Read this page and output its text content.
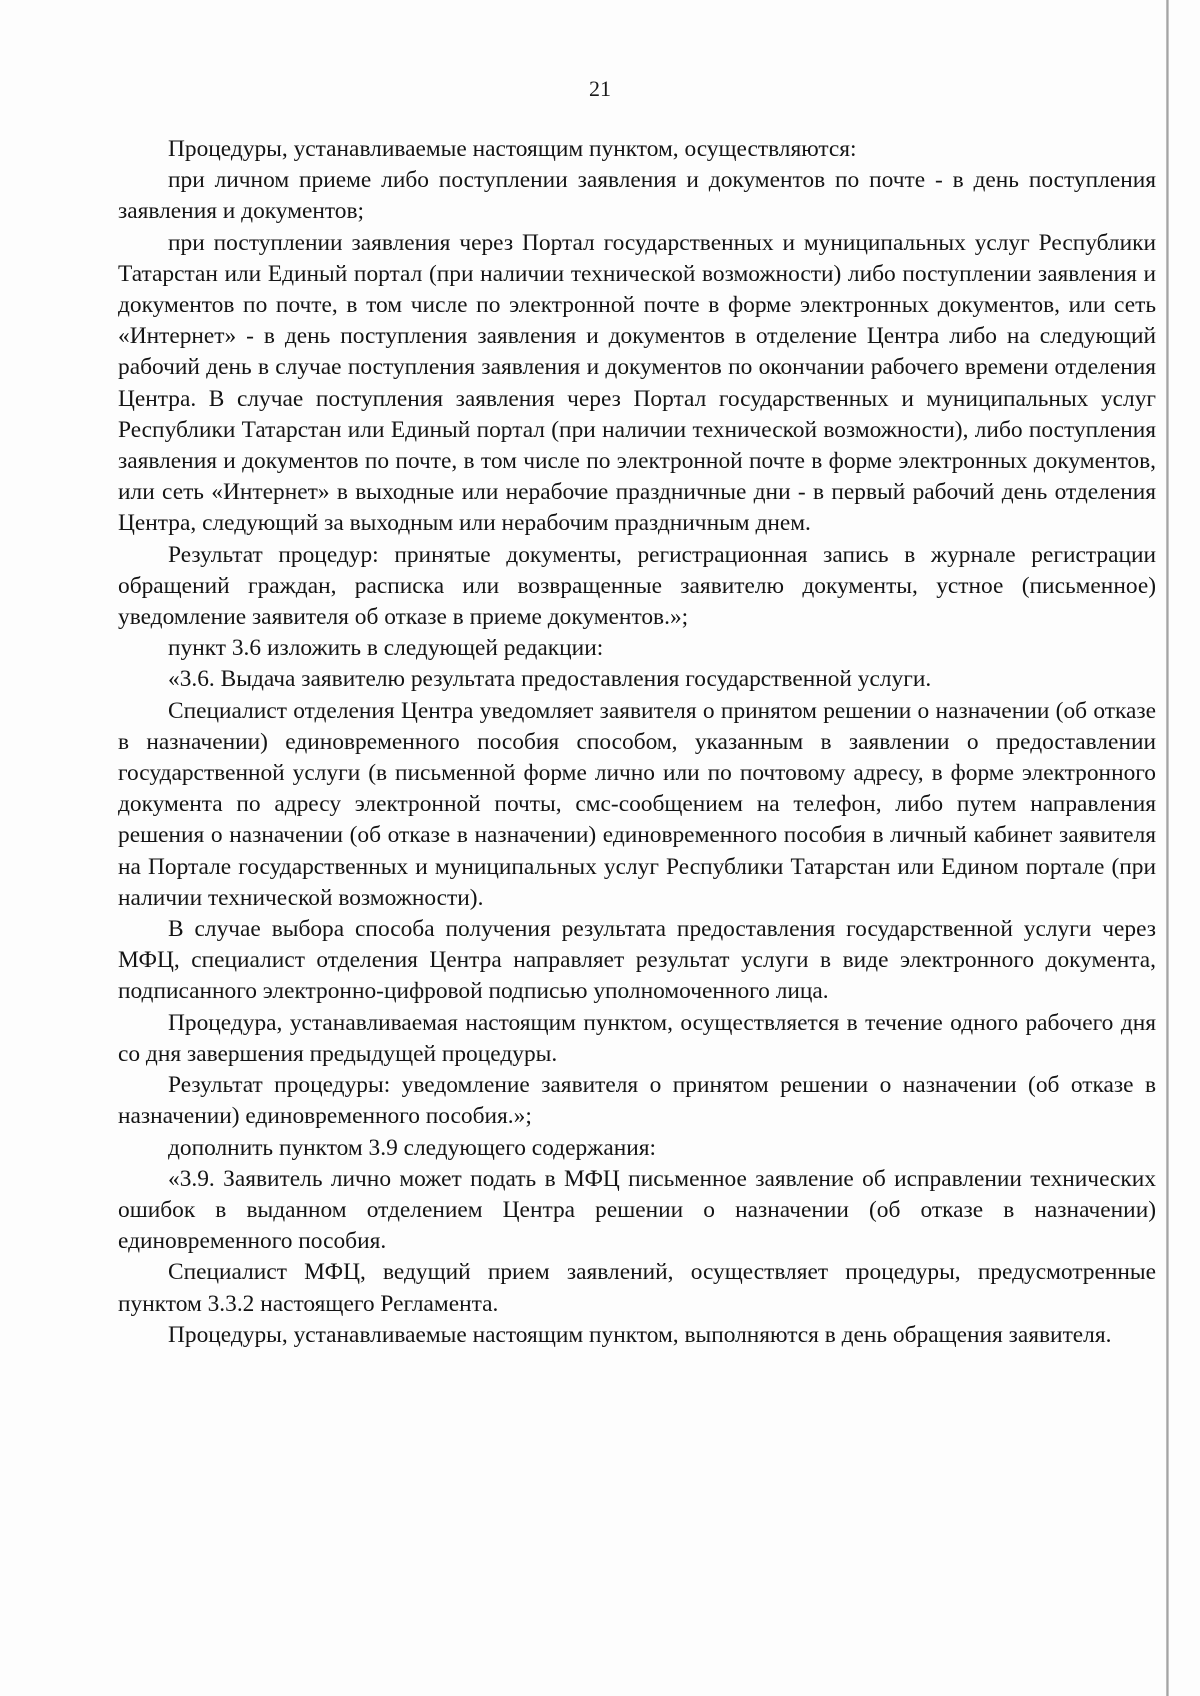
21

Процедуры, устанавливаемые настоящим пунктом, осуществляются:

при личном приеме либо поступлении заявления и документов по почте - в день поступления заявления и документов;

при поступлении заявления через Портал государственных и муниципальных услуг Республики Татарстан или Единый портал (при наличии технической возможности) либо поступлении заявления и документов по почте, в том числе по электронной почте в форме электронных документов, или сеть «Интернет» - в день поступления заявления и документов в отделение Центра либо на следующий рабочий день в случае поступления заявления и документов по окончании рабочего времени отделения Центра. В случае поступления заявления через Портал государственных и муниципальных услуг Республики Татарстан или Единый портал (при наличии технической возможности), либо поступления заявления и документов по почте, в том числе по электронной почте в форме электронных документов, или сеть «Интернет» в выходные или нерабочие праздничные дни - в первый рабочий день отделения Центра, следующий за выходным или нерабочим праздничным днем.

Результат процедур: принятые документы, регистрационная запись в журнале регистрации обращений граждан, расписка или возвращенные заявителю документы, устное (письменное) уведомление заявителя об отказе в приеме документов.»;

пункт 3.6 изложить в следующей редакции:

«3.6. Выдача заявителю результата предоставления государственной услуги.

Специалист отделения Центра уведомляет заявителя о принятом решении о назначении (об отказе в назначении) единовременного пособия способом, указанным в заявлении о предоставлении государственной услуги (в письменной форме лично или по почтовому адресу, в форме электронного документа по адресу электронной почты, смс-сообщением на телефон, либо путем направления решения о назначении (об отказе в назначении) единовременного пособия в личный кабинет заявителя на Портале государственных и муниципальных услуг Республики Татарстан или Едином портале (при наличии технической возможности).

В случае выбора способа получения результата предоставления государственной услуги через МФЦ, специалист отделения Центра направляет результат услуги в виде электронного документа, подписанного электронно-цифровой подписью уполномоченного лица.

Процедура, устанавливаемая настоящим пунктом, осуществляется в течение одного рабочего дня со дня завершения предыдущей процедуры.

Результат процедуры: уведомление заявителя о принятом решении о назначении (об отказе в назначении) единовременного пособия.»;

дополнить пунктом 3.9 следующего содержания:

«3.9. Заявитель лично может подать в МФЦ письменное заявление об исправлении технических ошибок в выданном отделением Центра решении о назначении (об отказе в назначении) единовременного пособия.

Специалист МФЦ, ведущий прием заявлений, осуществляет процедуры, предусмотренные пунктом 3.3.2 настоящего Регламента.

Процедуры, устанавливаемые настоящим пунктом, выполняются в день обращения заявителя.
